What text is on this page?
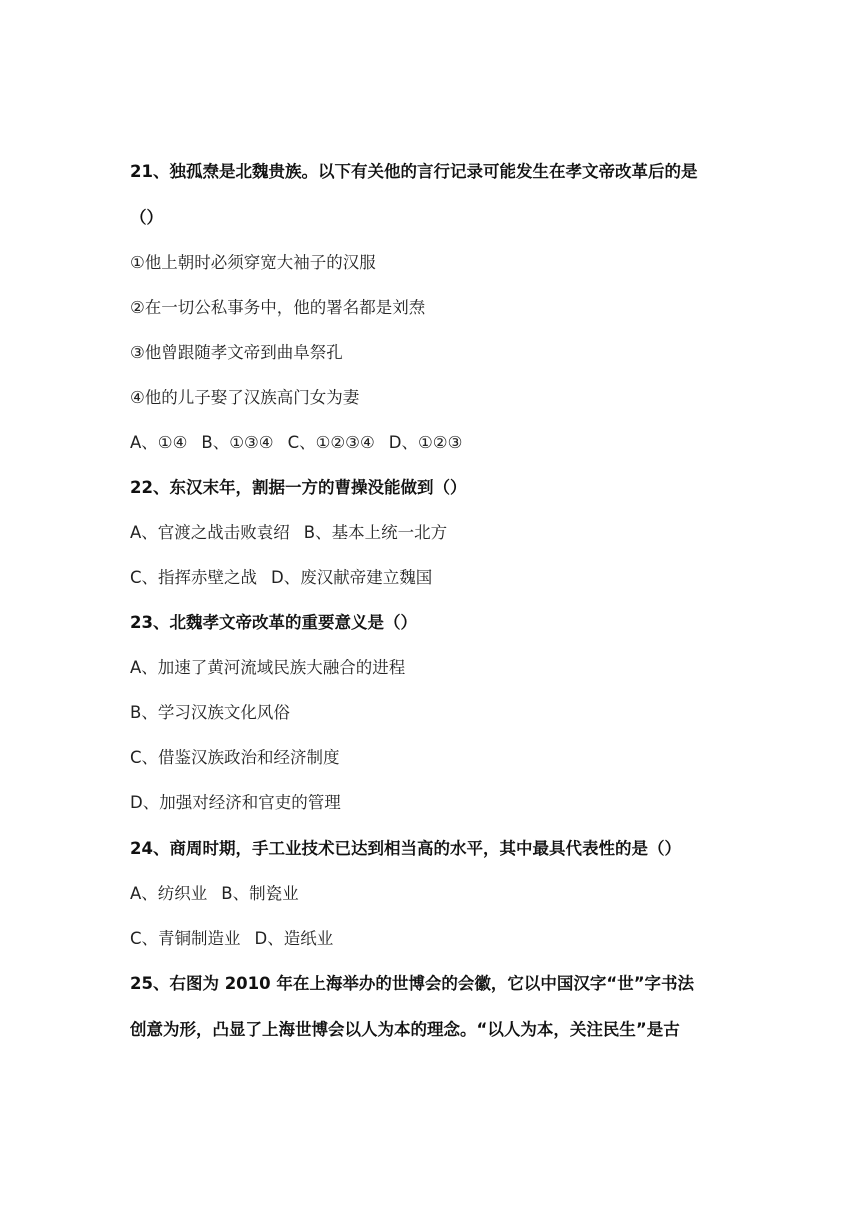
21、独孤焘是北魏贵族。以下有关他的言行记录可能发生在孝文帝改革后的是
（）
①他上朝时必须穿宽大袖子的汉服
②在一切公私事务中，他的署名都是刘焘
③他曾跟随孝文帝到曲阜祭孔
④他的儿子娶了汉族高门女为妻
A、①④ B、①③④ C、①②③④ D、①②③
22、东汉末年，割据一方的曹操没能做到（）
A、官渡之战击败袁绍 B、基本上统一北方
C、指挥赤壁之战 D、废汉献帝建立魏国
23、北魏孝文帝改革的重要意义是（）
A、加速了黄河流域民族大融合的进程
B、学习汉族文化风俗
C、借鉴汉族政治和经济制度
D、加强对经济和官吏的管理
24、商周时期，手工业技术已达到相当高的水平，其中最具代表性的是（）
A、纺织业 B、制瓷业
C、青铜制造业 D、造纸业
25、右图为 2010 年在上海举办的世博会的会徽，它以中国汉字“世”字书法
创意为形，凸显了上海世博会以人为本的理念。“以人为本，关注民生”是古
